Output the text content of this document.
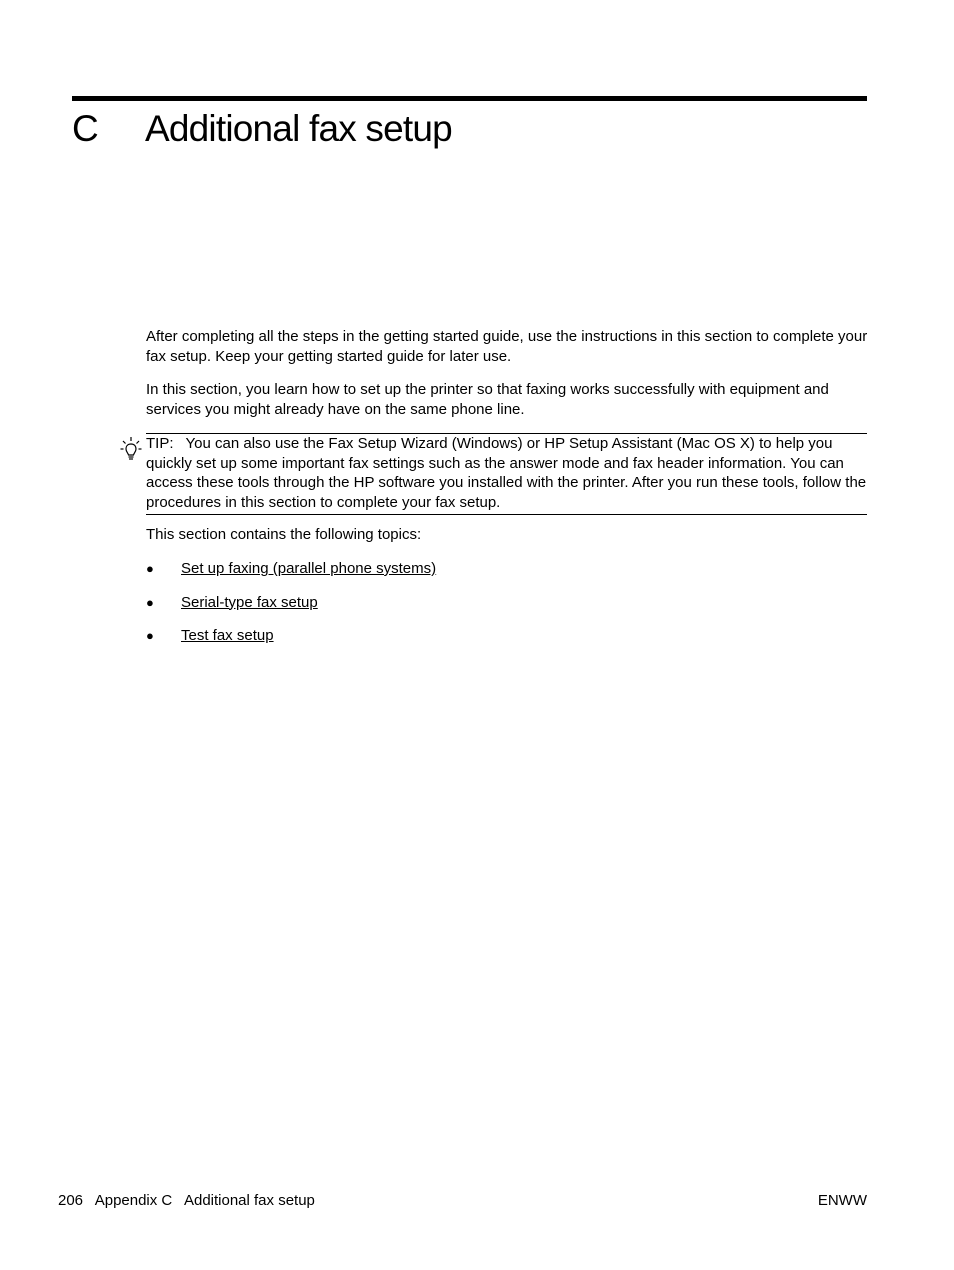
C Additional fax setup

After completing all the steps in the getting started guide, use the instructions in this section to complete your fax setup. Keep your getting started guide for later use.

In this section, you learn how to set up the printer so that faxing works successfully with equipment and services you might already have on the same phone line.

TIP: You can also use the Fax Setup Wizard (Windows) or HP Setup Assistant (Mac OS X) to help you quickly set up some important fax settings such as the answer mode and fax header information. You can access these tools through the HP software you installed with the printer. After you run these tools, follow the procedures in this section to complete your fax setup.

This section contains the following topics:

● Set up faxing (parallel phone systems)
● Serial-type fax setup
● Test fax setup
206 Appendix C Additional fax setup	ENWW
